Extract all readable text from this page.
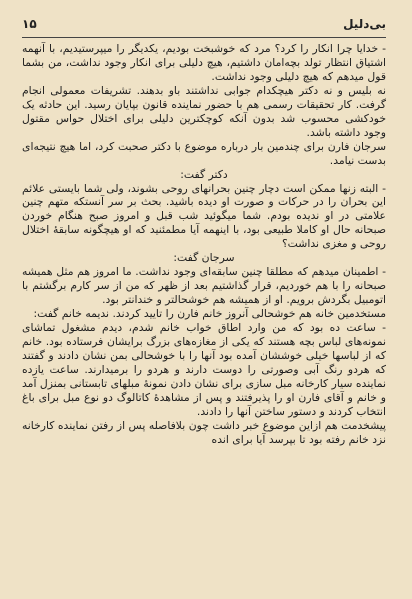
بی‌دلیل
۱۵

- خدایا چرا انکار را کرد؟ مرد که خوشبخت بودیم، یکدیگر را میپرستیدیم، با آنهمه اشتیاق انتظار تولد بچه‌امان داشتیم، هیچ دلیلی برای انکار وجود نداشت، من بشما قول میدهم که هیچ دلیلی وجود نداشت.

نه بلیس و نه دکتر هیچکدام جوابی نداشتند باو بدهند. تشریفات معمولی انجام گرفت. کار تحقیقات رسمی هم با حضور نماینده قانون بپایان رسید. این حادثه یک خودکشی محسوب شد بدون آنکه کوچکترین دلیلی برای اختلال حواس مقتول وجود داشته باشد.

سرجان فارن برای چندمین بار درباره موضوع با دکتر صحبت کرد، اما هیچ نتیجه‌ای بدست نیامد.

دکتر گفت:

- البته زنها ممکن است دچار چنین بحرانهای روحی بشوند، ولی شما بایستی علائم این بحران را در حرکات و صورت او دیده باشید. بحث بر سر آنستکه متهم چنین علامتی در او ندیده بودم. شما میگوئید شب قبل و امروز صبح هنگام خوردن صبحانه حال او کاملا طبیعی بود، با اینهمه آیا مطمئنید که او هیچگونه سابقهٔ اختلال روحی و مغزی نداشت؟

سرجان گفت:

- اطمینان میدهم که مطلقا چنین سابقه‌ای وجود نداشت. ما امروز هم مثل همیشه صبحانه را با هم خوردیم، قرار گذاشتیم بعد از ظهر که من از سر کارم برگشتم با اتومبیل بگردش برویم. او از همیشه هم خوشحالتر و خندانتر بود.

مستخدمین خانه هم خوشحالی آنروز خانم فارن را تایید کردند. ندیمه خانم گفت:

- ساعت ده بود که من وارد اطاق خواب خانم شدم، دیدم مشغول تماشای نمونه‌های لباس بچه هستند که یکی از مغازه‌های بزرگ برایشان فرستاده بود. خانم که از لباسها خیلی خوششان آمده بود آنها را با خوشحالی بمن نشان دادند و گفتند که هردو رنگ آبی وصورتی را دوست دارند و هردو را برمیدارند. ساعت یازده نماینده سیار کارخانه مبل سازی برای نشان دادن نمونهٔ مبلهای تابستانی بمنزل آمد و خانم و آقای فارن او را پذیرفتند و پس از مشاهدهٔ کاتالوگ دو نوع مبل برای باغ انتخاب کردند و دستور ساختن آنها را دادند.

پیشخدمت هم ازاین موضوع خبر داشت چون بلافاصله پس از رفتن نماینده کارخانه نزد خانم رفته بود تا بپرسد آیا برای انده
